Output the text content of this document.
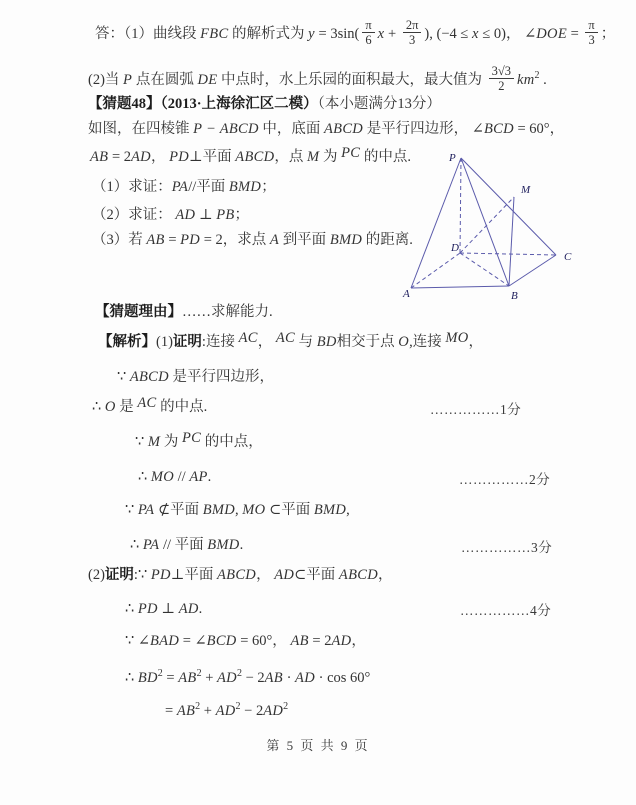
答：（1）曲线段 FBC 的解析式为 $y = 3\sin( \frac{\pi}{6}$ $x + \frac{2\pi}{3}$ ), (−4 ≤ x ≤ 0)， ∠DOE = $\frac{\pi}{3}$ ；
(2)当 P 点在圆弧 DE 中点时，水上乐园的面积最大，最大值为 $\frac{3√3}{2} km^2$ .
【猜题48】（2013·上海徐汇区二模）（本小题满分13分）
如图，在四棱锥 P − ABCD 中，底面 ABCD 是平行四边形， ∠BCD = 60°，
AB = 2AD， PD⊥平面 ABCD，点 M 为 PC 的中点.
（1）求证：PA//平面 BMD；
（2）求证： AD ⊥ PB；
（3）若 AB = PD = 2，求点 A 到平面 BMD 的距离.
【猜题理由】……求解能力.
【解析】(1)证明:连接 AC， AC 与 BD相交于点 O,连接 MO，
∵ ABCD 是平行四边形，
∴ O 是 AC 的中点.
∵ M 为 PC 的中点，
∴ MO // AP.
∵ PA ⊄平面 BMD, MO ⊂平面 BMD,
∴ PA // 平面 BMD.
(2)证明:∵ PD⊥平面 ABCD， AD⊂平面 ABCD，
∴ PD ⊥ AD.
∵ ∠BAD = ∠BCD = 60°， AB = 2AD，
∴ $BD^2 = AB^2 + AD^2 - 2AB$ · AD · cos 60°
= $AB^2 + AD^2 - 2AD^2$
P
M
D
C
A	B
第 5 页 共 9 页
……………1分
……………2分
……………3分
……………4分
